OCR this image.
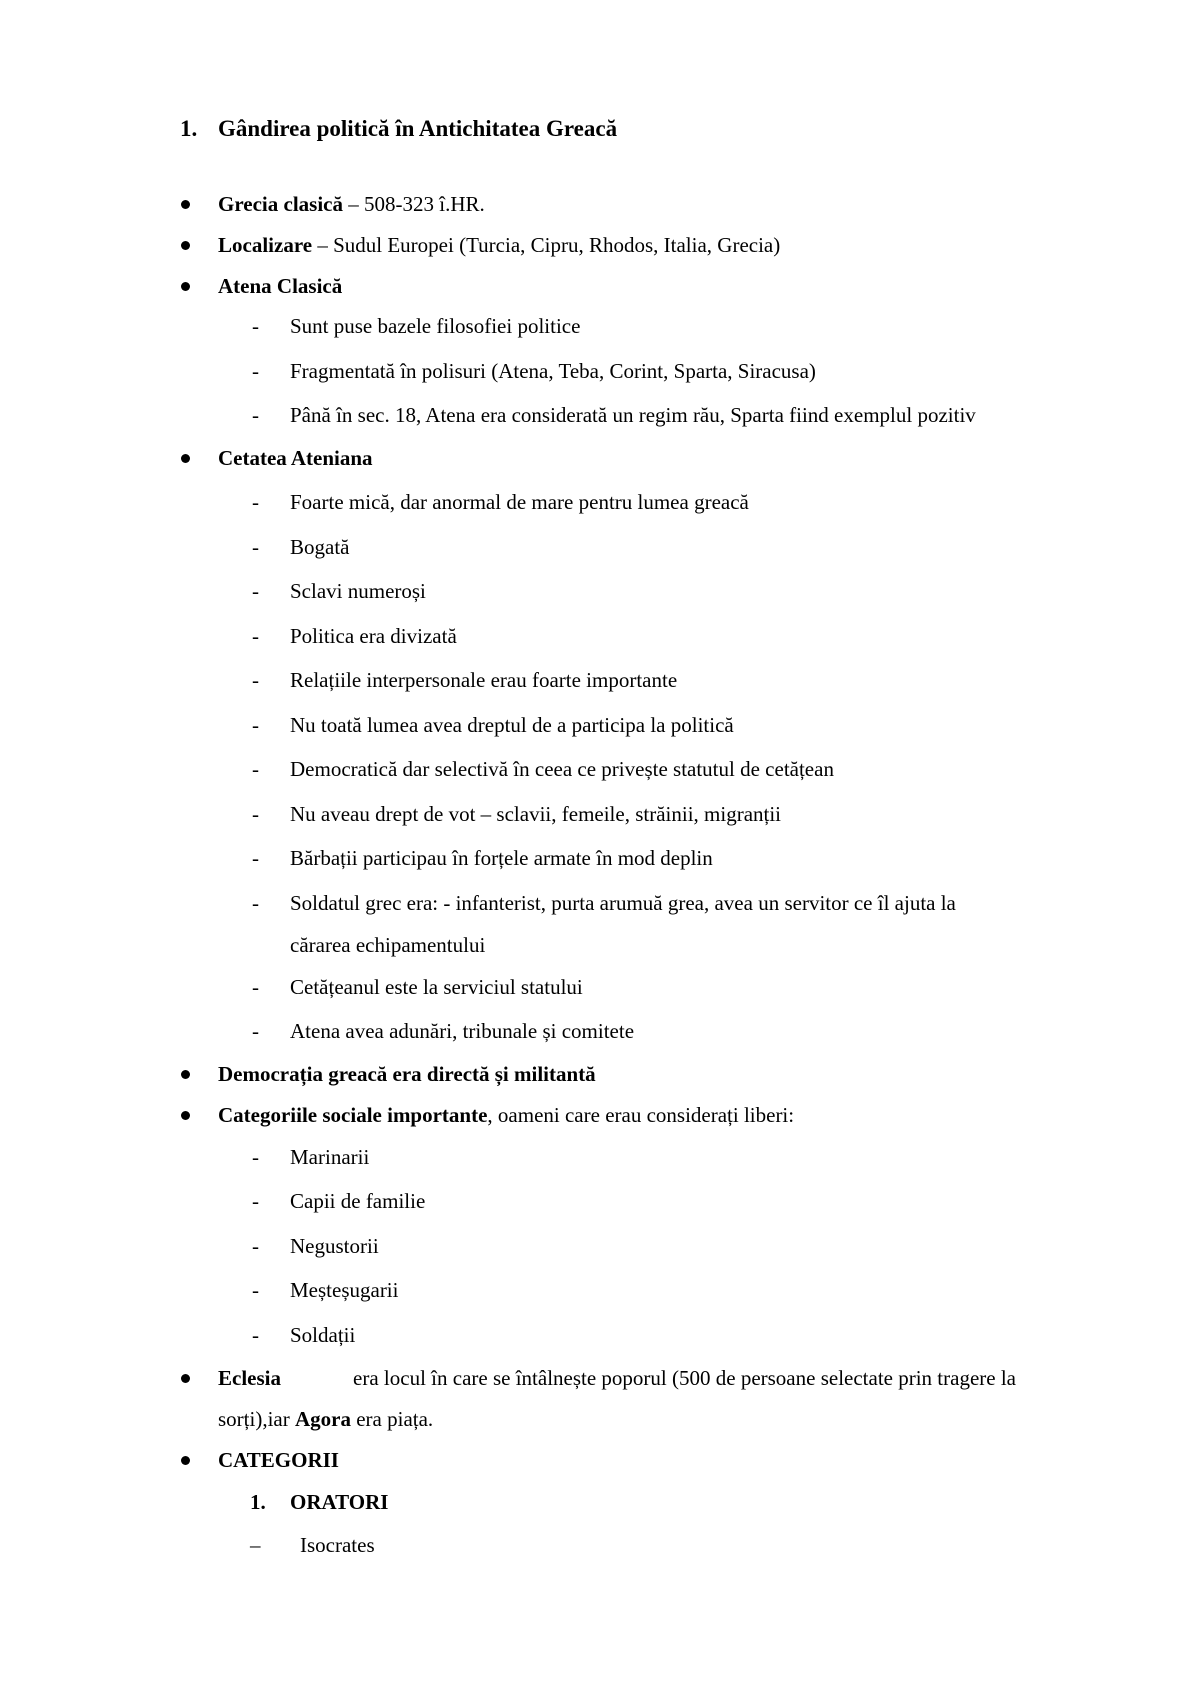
1. Gândirea politică în Antichitatea Greacă
Grecia clasică – 508-323 î.HR.
Localizare – Sudul Europei (Turcia, Cipru, Rhodos, Italia, Grecia)
Atena Clasică
- Sunt puse bazele filosofiei politice
- Fragmentată în polisuri (Atena, Teba, Corint, Sparta, Siracusa)
- Până în sec. 18, Atena era considerată un regim rău, Sparta fiind exemplul pozitiv
Cetatea Ateniana
- Foarte mică, dar anormal de mare pentru lumea greacă
- Bogată
- Sclavi numeroși
- Politica era divizată
- Relațiile interpersonale erau foarte importante
- Nu toată lumea avea dreptul de a participa la politică
- Democratică dar selectivă în ceea ce privește statutul de cetățean
- Nu aveau drept de vot – sclavii, femeile, străinii, migranții
- Bărbații participau în forțele armate în mod deplin
- Soldatul grec era: - infanterist, purta arumuă grea, avea un servitor ce îl ajuta la
cărarea echipamentului
- Cetățeanul este la serviciul statului
- Atena avea adunări, tribunale și comitete
Democrația greacă era directă și militantă
Categoriile sociale importante, oameni care erau considerați liberi:
- Marinarii
- Capii de familie
- Negustorii
- Meșteșugarii
- Soldații
Eclesia	era locul în care se întâlnește poporul (500 de persoane selectate prin tragere la
sorți),iar Agora era piața.
CATEGORII
1. ORATORI
– Isocrates
